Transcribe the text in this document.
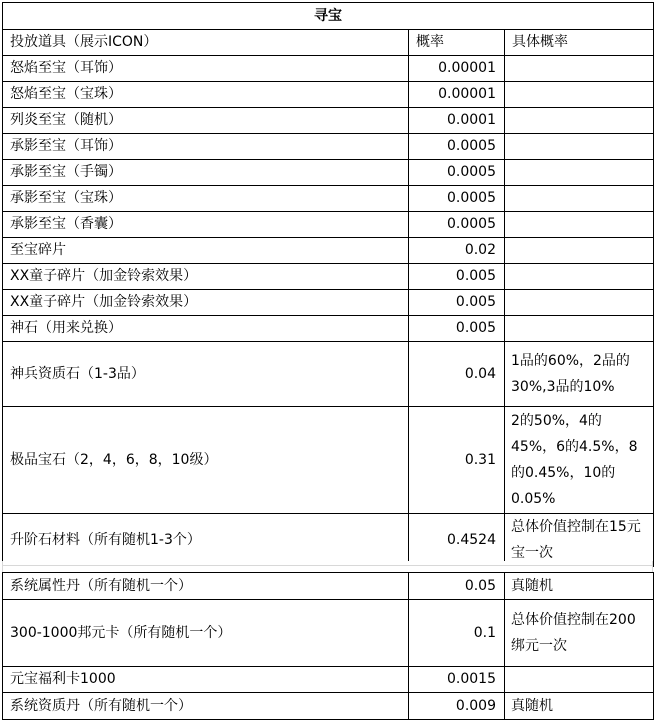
寻宝		
投放道具（展示ICON）	概率	具体概率
怒焰至宝（耳饰）	0.00001	
怒焰至宝（宝珠）	0.00001	
列炎至宝（随机）	0.0001	
承影至宝（耳饰）	0.0005	
承影至宝（手镯）	0.0005	
承影至宝（宝珠）	0.0005	
承影至宝（香囊）	0.0005	
至宝碎片	0.02	
XX童子碎片（加金铃索效果）	0.005	
XX童子碎片（加金铃索效果）	0.005	
神石（用来兑换）	0.005	
神兵资质石（1-3品）	0.04	1品的60%，2品的30%,3品的10%
极品宝石（2，4，6，8，10级）	0.31	2的50%，4的45%，6的4.5%，8的0.45%，10的0.05%
升阶石材料（所有随机1-3个）	0.4524	总体价值控制在15元宝一次
系统属性丹（所有随机一个）	0.05	真随机
300-1000邦元卡（所有随机一个）	0.1	总体价值控制在200绑元一次
元宝福利卡1000	0.0015	
系统资质丹（所有随机一个）	0.009	真随机
